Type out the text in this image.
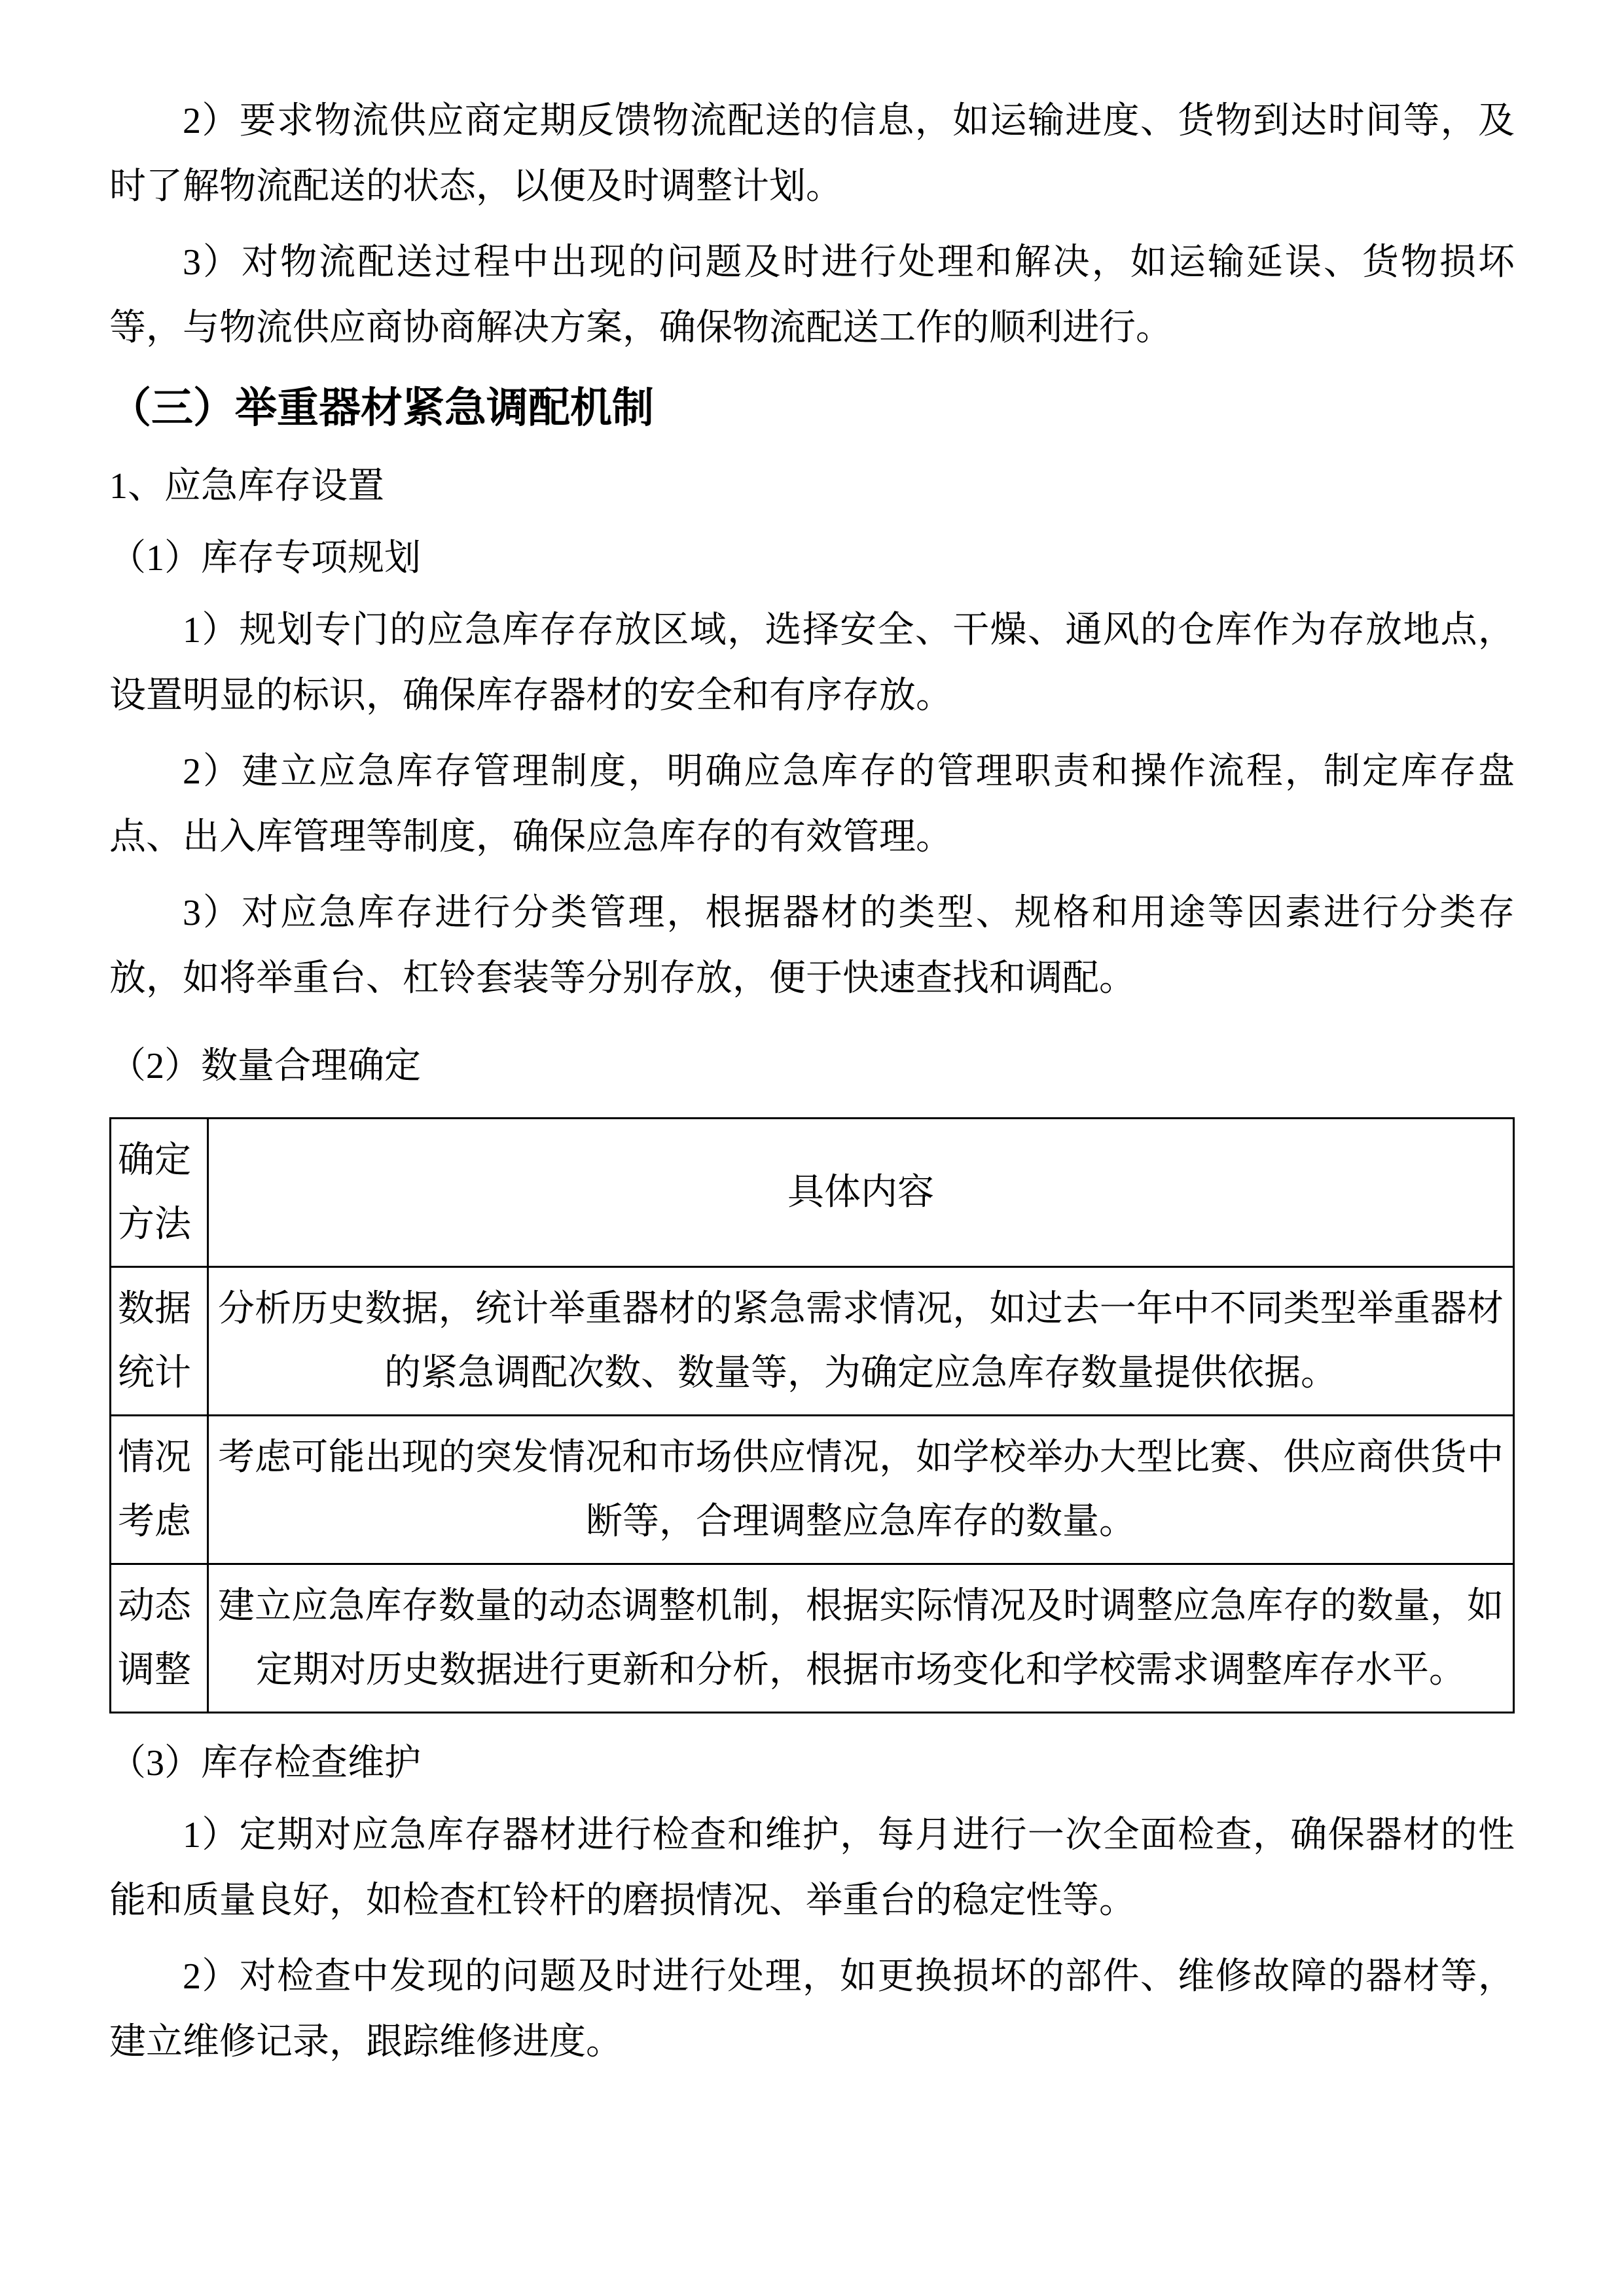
2）要求物流供应商定期反馈物流配送的信息，如运输进度、货物到达时间等，及时了解物流配送的状态，以便及时调整计划。

3）对物流配送过程中出现的问题及时进行处理和解决，如运输延误、货物损坏等，与物流供应商协商解决方案，确保物流配送工作的顺利进行。

（三）举重器材紧急调配机制

1、应急库存设置

（1）库存专项规划

1）规划专门的应急库存存放区域，选择安全、干燥、通风的仓库作为存放地点，设置明显的标识，确保库存器材的安全和有序存放。

2）建立应急库存管理制度，明确应急库存的管理职责和操作流程，制定库存盘点、出入库管理等制度，确保应急库存的有效管理。

3）对应急库存进行分类管理，根据器材的类型、规格和用途等因素进行分类存放，如将举重台、杠铃套装等分别存放，便于快速查找和调配。

（2）数量合理确定

确定方法	具体内容
数据统计	分析历史数据，统计举重器材的紧急需求情况，如过去一年中不同类型举重器材的紧急调配次数、数量等，为确定应急库存数量提供依据。
情况考虑	考虑可能出现的突发情况和市场供应情况，如学校举办大型比赛、供应商供货中断等，合理调整应急库存的数量。
动态调整	建立应急库存数量的动态调整机制，根据实际情况及时调整应急库存的数量，如定期对历史数据进行更新和分析，根据市场变化和学校需求调整库存水平。

（3）库存检查维护

1）定期对应急库存器材进行检查和维护，每月进行一次全面检查，确保器材的性能和质量良好，如检查杠铃杆的磨损情况、举重台的稳定性等。

2）对检查中发现的问题及时进行处理，如更换损坏的部件、维修故障的器材等，建立维修记录，跟踪维修进度。
